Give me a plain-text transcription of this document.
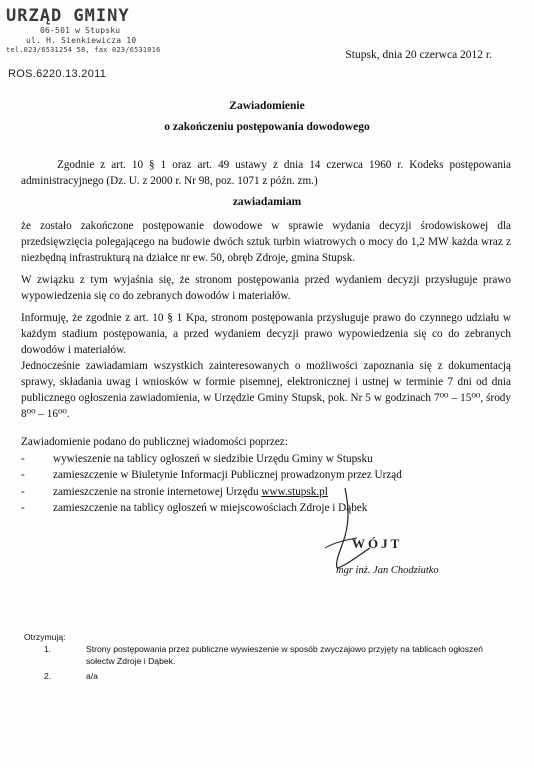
URZĄD GMINY
06-501 w Stupsku
ul. H. Sienkiewicza 10
tel.023/6531254 58, fax 023/6531016
ROS.6220.13.2011
Stupsk, dnia 20 czerwca 2012 r.
Zawiadomienie
o zakończeniu postępowania dowodowego
Zgodnie z art. 10 § 1 oraz art. 49 ustawy z dnia 14 czerwca 1960 r. Kodeks postępowania administracyjnego (Dz. U. z 2000 r. Nr 98, poz. 1071 z późn. zm.)
zawiadamiam
że zostało zakończone postępowanie dowodowe w sprawie wydania decyzji środowiskowej dla przedsięwzięcia polegającego na budowie dwóch sztuk turbin wiatrowych o mocy do 1,2 MW każda wraz z niezbędną infrastrukturą na działce nr ew. 50, obręb Zdroje, gmina Stupsk.
W związku z tym wyjaśnia się, że stronom postępowania przed wydaniem decyzji przysługuje prawo wypowiedzenia się co do zebranych dowodów i materiałów.
Informuję, że zgodnie z art. 10 § 1 Kpa, stronom postępowania przysługuje prawo do czynnego udziału w każdym stadium postępowania, a przed wydaniem decyzji prawo wypowiedzenia się co do zebranych dowodów i materiałów.
Jednocześnie zawiadamiam wszystkich zainteresowanych o możliwości zapoznania się z dokumentacją sprawy, składania uwag i wniosków w formie pisemnej, elektronicznej i ustnej w terminie 7 dni od dnia publicznego ogłoszenia zawiadomienia, w Urzędzie Gminy Stupsk, pok. Nr 5 w godzinach 7⁰⁰ – 15⁰⁰, środy 8⁰⁰ – 16⁰⁰.
Zawiadomienie podano do publicznej wiadomości poprzez:
-	wywieszenie na tablicy ogłoszeń w siedzibie Urzędu Gminy w Stupsku
-	zamieszczenie w Biuletynie Informacji Publicznej prowadzonym przez Urząd
-	zamieszczenie na stronie internetowej Urzędu www.stupsk.pl
-	zamieszczenie na tablicy ogłoszeń w miejscowościach Zdroje i Dąbek
WÓJT
mgr inż. Jan Chodziutko
Otrzymują:
1.	Strony postępowania przez publiczne wywieszenie w sposób zwyczajowo przyjęty na tablicach ogłoszeń sołectw Zdroje i Dąbek.
2.	a/a
